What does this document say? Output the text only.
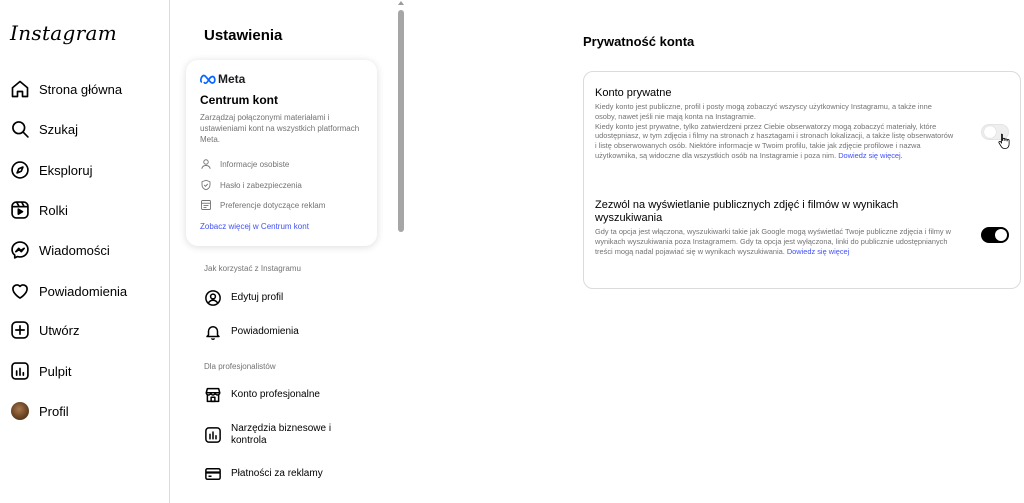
Instagram
Strona główna
Szukaj
Eksploruj
Rolki
Wiadomości
Powiadomienia
Utwórz
Pulpit
Profil
Ustawienia
Meta
Centrum kont
Zarządzaj połączonymi materiałami i ustawieniami kont na wszystkich platformach Meta.
Informacje osobiste
Hasło i zabezpieczenia
Preferencje dotyczące reklam
Zobacz więcej w Centrum kont
Jak korzystać z Instagramu
Edytuj profil
Powiadomienia
Dla profesjonalistów
Konto profesjonalne
Narzędzia biznesowe i kontrola
Płatności za reklamy
Prywatność konta
Konto prywatne
Kiedy konto jest publiczne, profil i posty mogą zobaczyć wszyscy użytkownicy Instagramu, a także inne osoby, nawet jeśli nie mają konta na Instagramie.
Kiedy konto jest prywatne, tylko zatwierdzeni przez Ciebie obserwatorzy mogą zobaczyć materiały, które udostępniasz, w tym zdjęcia i filmy na stronach z hasztagami i stronach lokalizacji, a także listę obserwatorów i listę obserwowanych osób. Niektóre informacje w Twoim profilu, takie jak zdjęcie profilowe i nazwa użytkownika, są widoczne dla wszystkich osób na Instagramie i poza nim. Dowiedz się więcej.
Zezwól na wyświetlanie publicznych zdjęć i filmów w wynikach wyszukiwania
Gdy ta opcja jest włączona, wyszukiwarki takie jak Google mogą wyświetlać Twoje publiczne zdjęcia i filmy w wynikach wyszukiwania poza Instagramem. Gdy ta opcja jest wyłączona, linki do publicznie udostępnianych treści mogą nadal pojawiać się w wynikach wyszukiwania. Dowiedz się więcej
